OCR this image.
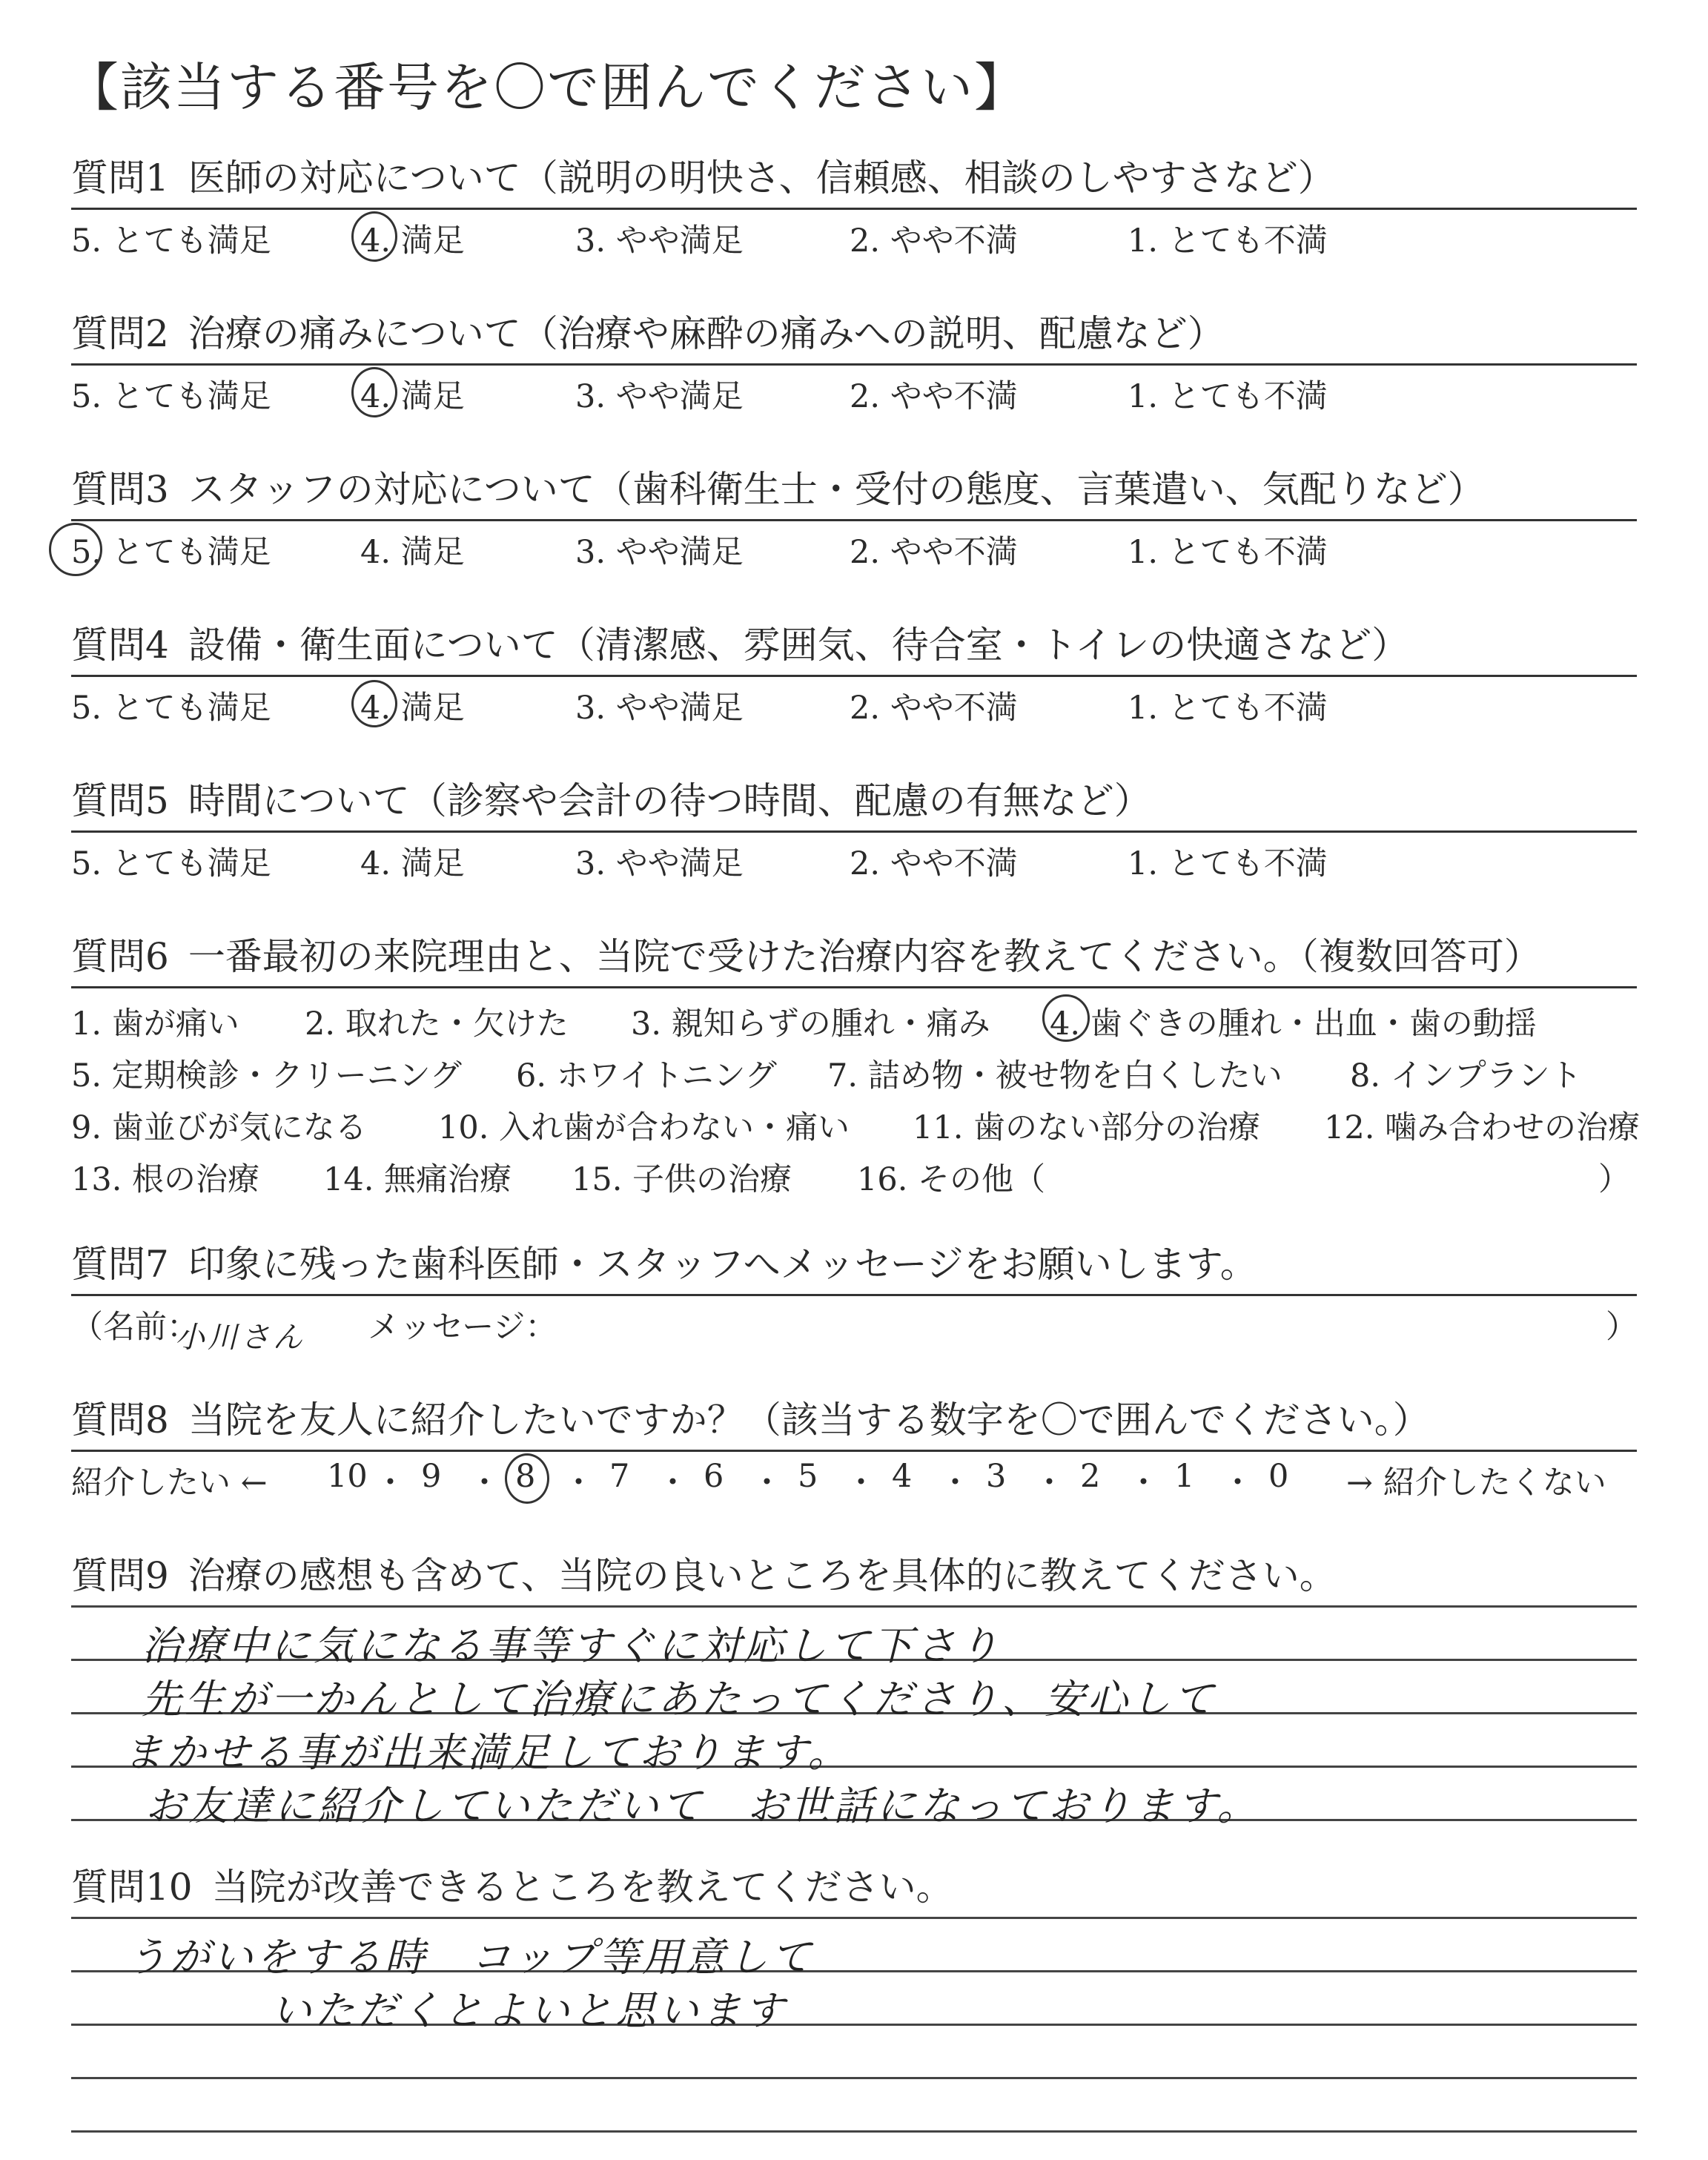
【該当する番号を〇で囲んでください】
質問1 医師の対応について（説明の明快さ、信頼感、相談のしやすさなど）
5. とても満足	4. 満足	3. やや満足	2. やや不満	1. とても不満
質問2 治療の痛みについて（治療や麻酔の痛みへの説明、配慮など）
5. とても満足	4. 満足	3. やや満足	2. やや不満	1. とても不満
質問3 スタッフの対応について（歯科衛生士・受付の態度、言葉遣い、気配りなど）
5. とても満足	4. 満足	3. やや満足	2. やや不満	1. とても不満
質問4 設備・衛生面について（清潔感、雰囲気、待合室・トイレの快適さなど）
5. とても満足	4. 満足	3. やや満足	2. やや不満	1. とても不満
質問5 時間について（診察や会計の待つ時間、配慮の有無など）
5. とても満足	4. 満足	3. やや満足	2. やや不満	1. とても不満
質問6 一番最初の来院理由と、当院で受けた治療内容を教えてください。（複数回答可）
1. 歯が痛い 2. 取れた・欠けた 3. 親知らずの腫れ・痛み 4. 歯ぐきの腫れ・出血・歯の動揺
5. 定期検診・クリーニング 6. ホワイトニング 7. 詰め物・被せ物を白くしたい 8. インプラント
9. 歯並びが気になる 10. 入れ歯が合わない・痛い 11. 歯のない部分の治療 12. 噛み合わせの治療
13. 根の治療 14. 無痛治療 15. 子供の治療 16. その他（	）
質問7 印象に残った歯科医師・スタッフへメッセージをお願いします。
（名前：
小川さん メッセージ：	）
質問8 当院を友人に紹介したいですか？（該当する数字を〇で囲んでください。）
紹介したい ←	→ 紹介したくない
10 ・ 9 ・ 8 ・ 7 ・ 6 ・ 5 ・ 4 ・ 3 ・ 2 ・ 1 ・ 0
質問9 治療の感想も含めて、当院の良いところを具体的に教えてください。
治療中に気になる事等すぐに対応して下さり
先生が一かんとして治療にあたってくださり、安心して
まかせる事が出来満足しております。
お友達に紹介していただいて　お世話になっております。
質問10 当院が改善できるところを教えてください。
うがいをする時　コップ等用意して
いただくとよいと思います
